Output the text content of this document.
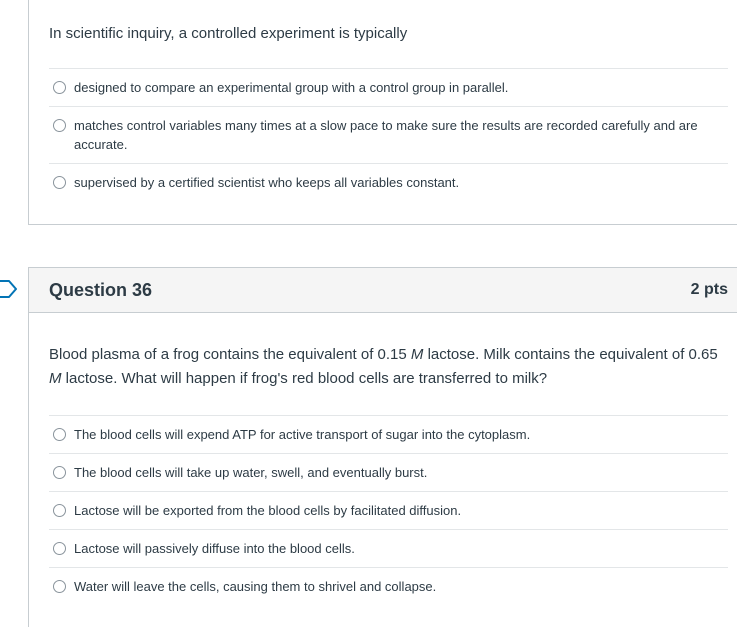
In scientific inquiry, a controlled experiment is typically
designed to compare an experimental group with a control group in parallel.
matches control variables many times at a slow pace to make sure the results are recorded carefully and are accurate.
supervised by a certified scientist who keeps all variables constant.
Question 36	2 pts
Blood plasma of a frog contains the equivalent of 0.15 M lactose. Milk contains the equivalent of 0.65 M lactose. What will happen if frog's red blood cells are transferred to milk?
The blood cells will expend ATP for active transport of sugar into the cytoplasm.
The blood cells will take up water, swell, and eventually burst.
Lactose will be exported from the blood cells by facilitated diffusion.
Lactose will passively diffuse into the blood cells.
Water will leave the cells, causing them to shrivel and collapse.
